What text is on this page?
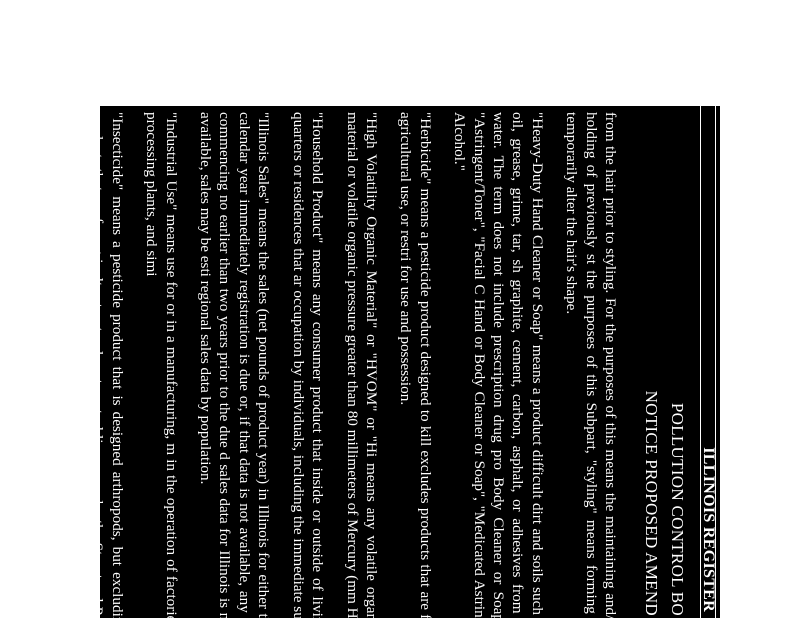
ILLINOIS REGISTER
POLLUTION CONTROL BO
NOTICE PROPOSED AMEND

from the hair prior to styling. For the purposes of this means the maintaining and/or holding of previously st the purposes of this Subpart, "styling" means forming to temporarily alter the hair's shape.

"Heavy-Duty Hand Cleaner or Soap" means a product difficult dirt and soils such as oil, grease, grime, tar, sh graphite, cement, carbon, asphalt, or adhesives from th water. The term does not include prescription drug pro Body Cleaner or Soap", "Astringent/Toner", "Facial C Hand or Body Cleaner or Soap", "Medicated Astringe Alcohol."

"Herbicide" means a pesticide product designed to kill excludes products that are for agricultural use, or restri for use and possession.

"High Volatility Organic Material" or "HVOM" or "Hi means any volatile organic material or volatile organic pressure greater than 80 millimeters of Mercury (mm H

"Household Product" means any consumer product that inside or outside of living quarters or residences that ar occupation by individuals, including the immediate sur

"Illinois Sales" means the sales (net pounds of product year) in Illinois for either the calendar year immediately registration is due or, if that data is not available, any co commencing no earlier than two years prior to the due d sales data for Illinois is not available, sales may be esti regional sales data by population.

"Industrial Use" means use for or in a manufacturing, m in the operation of factories, processing plants, and simi

"Insecticide" means a pesticide product that is designed arthropods, but excluding products that are for agricultu structural pest control license under the Structural Pest C restricted materials that require a permit for use and poss
